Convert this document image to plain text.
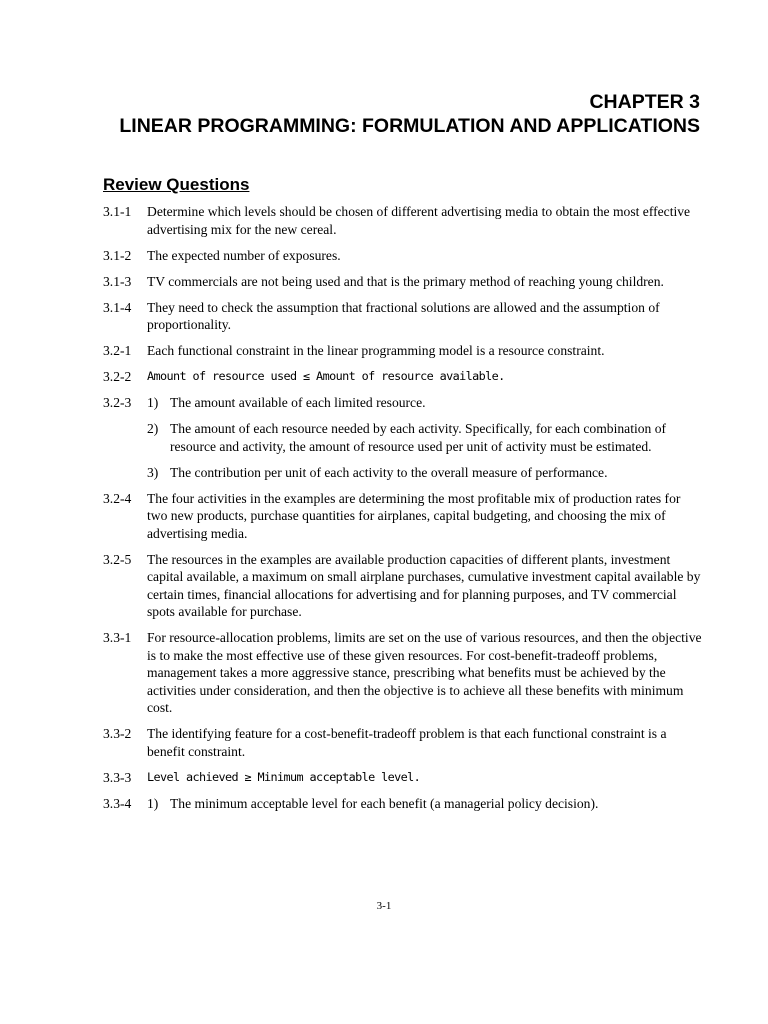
CHAPTER 3
LINEAR PROGRAMMING: FORMULATION AND APPLICATIONS
Review Questions
3.1-1	Determine which levels should be chosen of different advertising media to obtain the most effective advertising mix for the new cereal.
3.1-2	The expected number of exposures.
3.1-3	TV commercials are not being used and that is the primary method of reaching young children.
3.1-4	They need to check the assumption that fractional solutions are allowed and the assumption of proportionality.
3.2-1	Each functional constraint in the linear programming model is a resource constraint.
3.2-2	Amount of resource used ≤ Amount of resource available.
3.2-3	1) The amount available of each limited resource.
2) The amount of each resource needed by each activity. Specifically, for each combination of resource and activity, the amount of resource used per unit of activity must be estimated.
3) The contribution per unit of each activity to the overall measure of performance.
3.2-4	The four activities in the examples are determining the most profitable mix of production rates for two new products, purchase quantities for airplanes, capital budgeting, and choosing the mix of advertising media.
3.2-5	The resources in the examples are available production capacities of different plants, investment capital available, a maximum on small airplane purchases, cumulative investment capital available by certain times, financial allocations for advertising and for planning purposes, and TV commercial spots available for purchase.
3.3-1	For resource-allocation problems, limits are set on the use of various resources, and then the objective is to make the most effective use of these given resources. For cost-benefit-tradeoff problems, management takes a more aggressive stance, prescribing what benefits must be achieved by the activities under consideration, and then the objective is to achieve all these benefits with minimum cost.
3.3-2	The identifying feature for a cost-benefit-tradeoff problem is that each functional constraint is a benefit constraint.
3.3-3	Level achieved ≥ Minimum acceptable level.
3.3-4	1) The minimum acceptable level for each benefit (a managerial policy decision).
3-1
